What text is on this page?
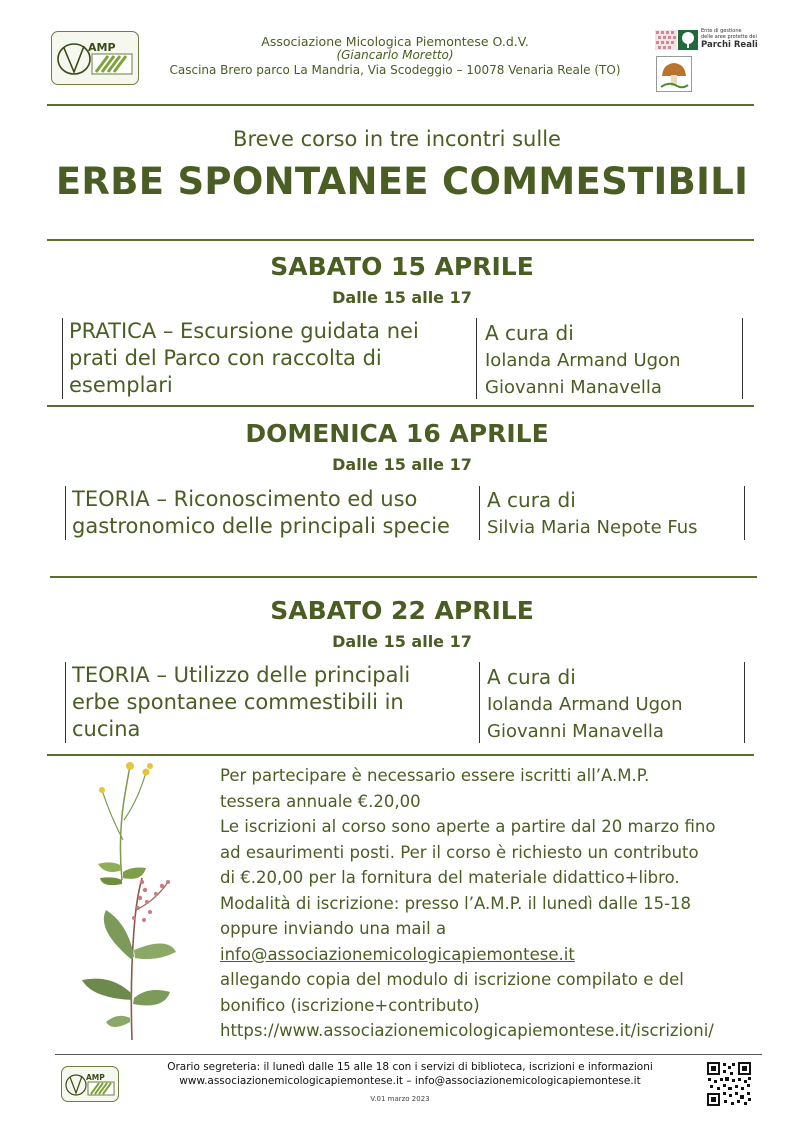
AMP	Associazione Micologica Piemontese O.d.V.
(Giancarlo Moretto)
Cascina Brero parco La Mandria, Via Scodeggio – 10078 Venaria Reale (TO)
Ente di gestione
delle aree protette dei
Parchi Reali
Breve corso in tre incontri sulle
ERBE SPONTANEE COMMESTIBILI
SABATO 15 APRILE
Dalle 15 alle 17
PRATICA – Escursione guidata nei
prati del Parco con raccolta di
esemplari
A cura di
Iolanda Armand Ugon
Giovanni Manavella
DOMENICA 16 APRILE
Dalle 15 alle 17
TEORIA – Riconoscimento ed uso
gastronomico delle principali specie
A cura di
Silvia Maria Nepote Fus
SABATO 22 APRILE
Dalle 15 alle 17
TEORIA – Utilizzo delle principali
erbe spontanee commestibili in
cucina
A cura di
Iolanda Armand Ugon
Giovanni Manavella
Per partecipare è necessario essere iscritti all’A.M.P.
tessera annuale €.20,00
Le iscrizioni al corso sono aperte a partire dal 20 marzo fino
ad esaurimenti posti. Per il corso è richiesto un contributo
di €.20,00 per la fornitura del materiale didattico+libro.
Modalità di iscrizione: presso l’A.M.P. il lunedì dalle 15-18
oppure inviando una mail a
info@associazionemicologicapiemontese.it
allegando copia del modulo di iscrizione compilato e del
bonifico (iscrizione+contributo)
https://www.associazionemicologicapiemontese.it/iscrizioni/
AMP
Orario segreteria: il lunedì dalle 15 alle 18 con i servizi di biblioteca, iscrizioni e informazioni
www.associazionemicologicapiemontese.it – info@associazionemicologicapiemontese.it
V.01 marzo 2023
